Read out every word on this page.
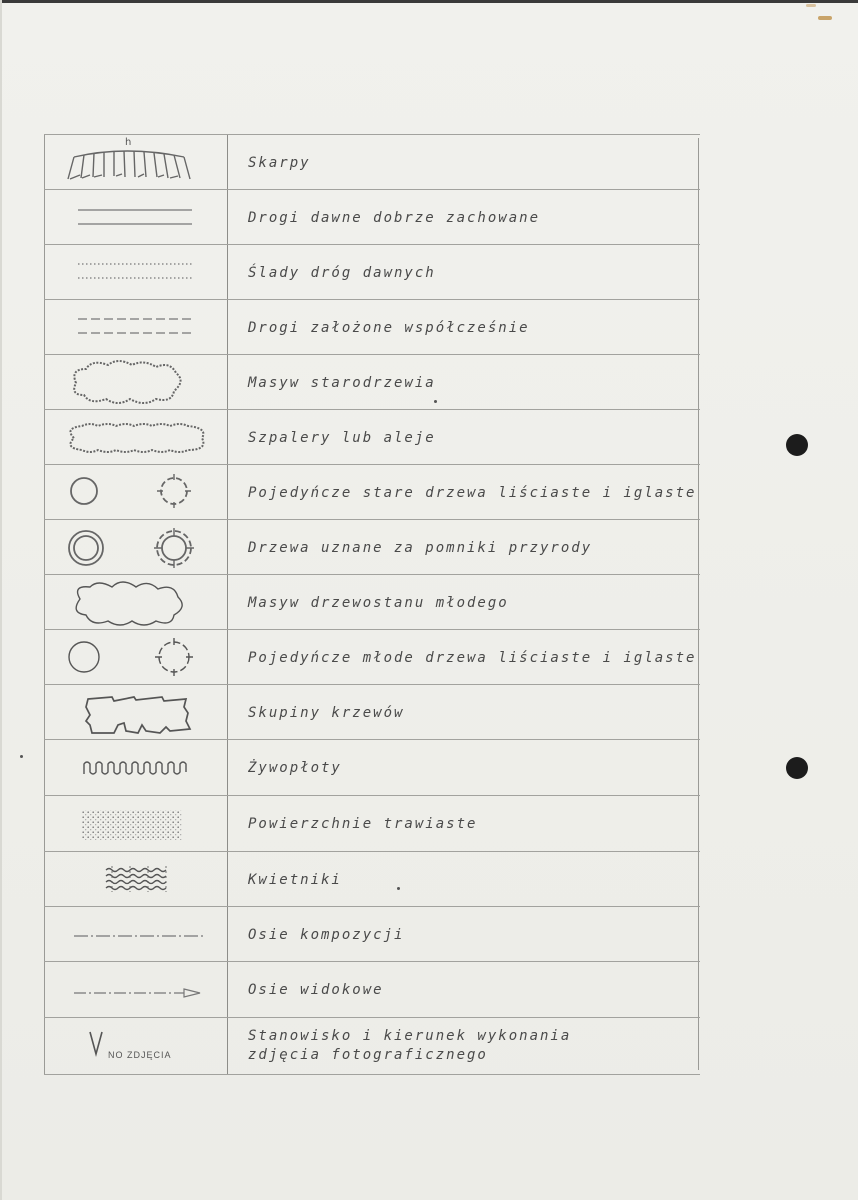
h
Skarpy
Drogi dawne dobrze zachowane
Ślady dróg dawnych
Drogi założone współcześnie
Masyw starodrzewia
Szpalery lub aleje
Pojedyńcze stare drzewa liściaste i iglaste
Drzewa uznane za pomniki przyrody
Masyw drzewostanu młodego
Pojedyńcze młode drzewa liściaste i iglaste
Skupiny krzewów
Żywopłoty
Powierzchnie trawiaste
Kwietniki
Osie kompozycji
Osie widokowe
NO ZDJĘCIA
Stanowisko i kierunek wykonania
zdjęcia fotograficznego
